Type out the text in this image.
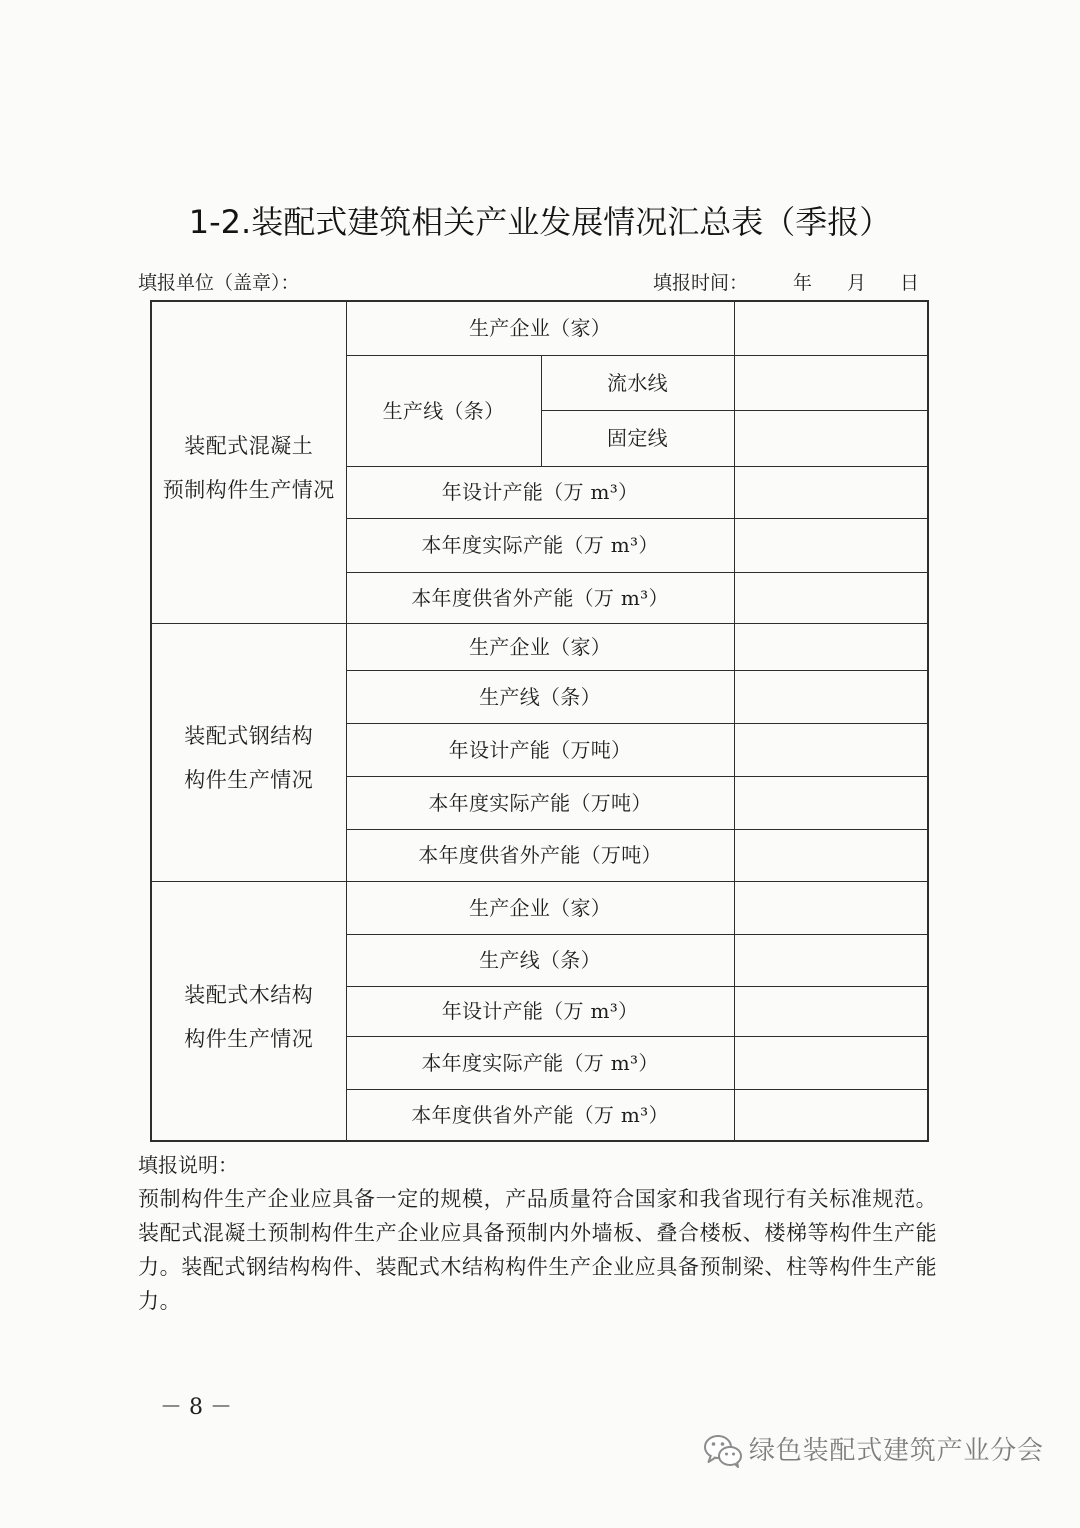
1-2.装配式建筑相关产业发展情况汇总表（季报）
填报单位（盖章）：	填报时间： 年 月 日
装配式混凝土
预制构件生产情况	生产企业（家）		
	生产线（条）	流水线	
		固定线	
	年设计产能（万 m³）		
	本年度实际产能（万 m³）		
	本年度供省外产能（万 m³）		

装配式钢结构
构件生产情况	生产企业（家）		
	生产线（条）		
	年设计产能（万吨）		
	本年度实际产能（万吨）		
	本年度供省外产能（万吨）		

装配式木结构
构件生产情况	生产企业（家）		
	生产线（条）		
	年设计产能（万 m³）		
	本年度实际产能（万 m³）		
	本年度供省外产能（万 m³）		
填报说明：
预制构件生产企业应具备一定的规模，产品质量符合国家和我省现行有关标准规范。
装配式混凝土预制构件生产企业应具备预制内外墙板、叠合楼板、楼梯等构件生产能
力。装配式钢结构构件、装配式木结构构件生产企业应具备预制梁、柱等构件生产能
力。
－ 8 －
绿色装配式建筑产业分会
